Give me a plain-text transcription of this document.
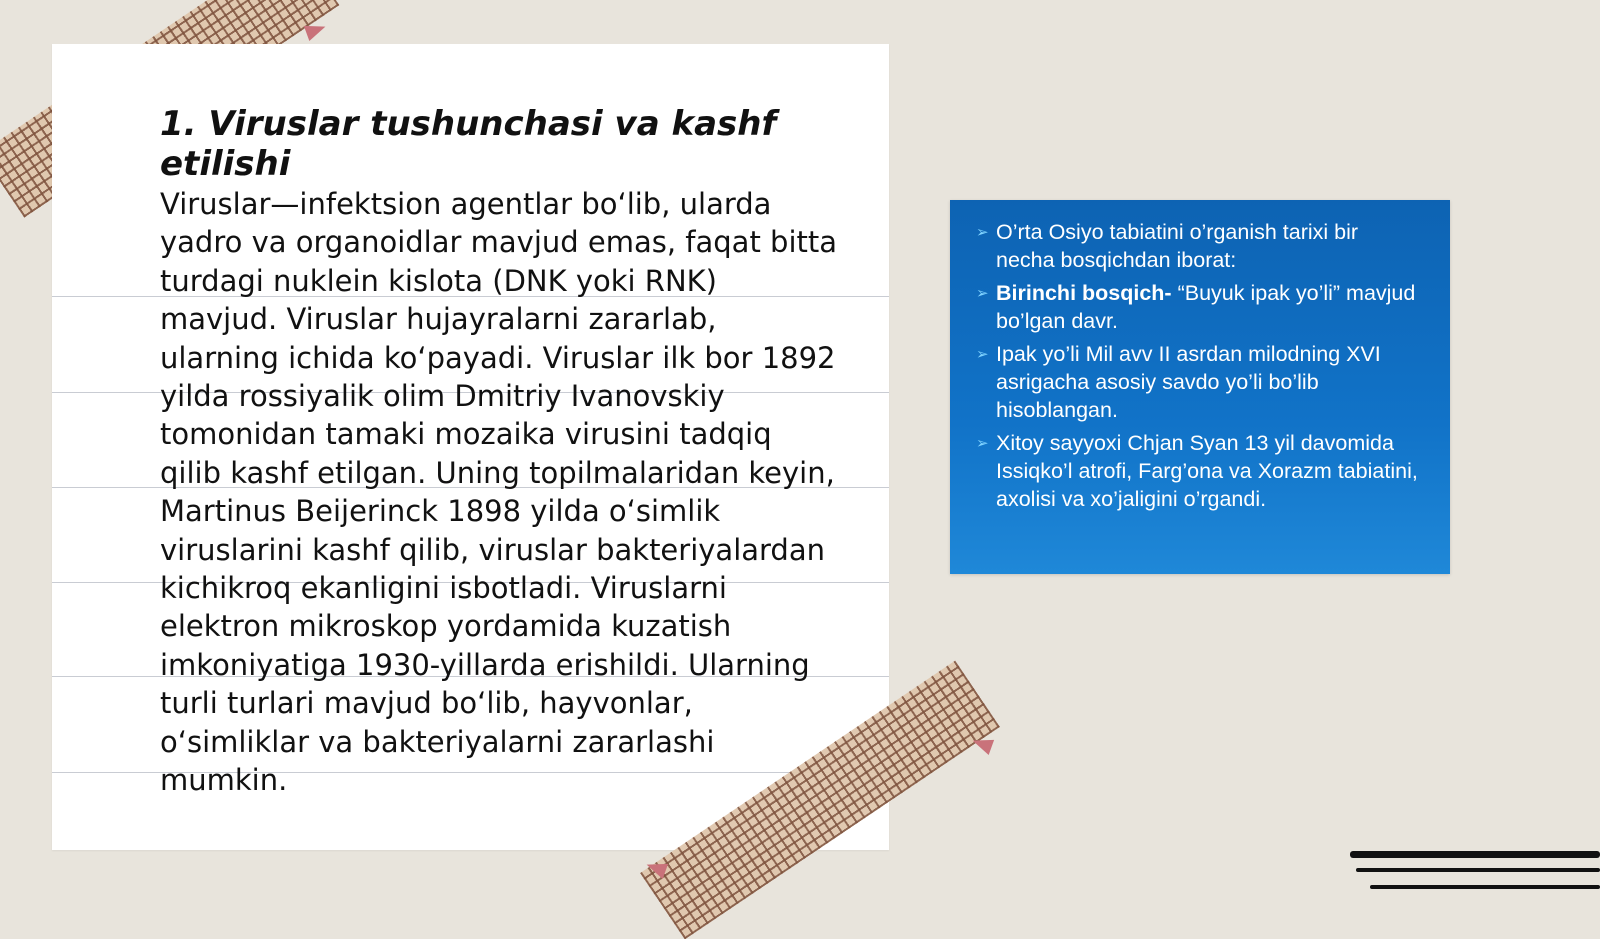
1. Viruslar tushunchasi va kashf etilishi

Viruslar—infektsion agentlar bo‘lib, ularda yadro va organoidlar mavjud emas, faqat bitta turdagi nuklein kislota (DNK yoki RNK) mavjud. Viruslar hujayralarni zararlab, ularning ichida ko‘payadi. Viruslar ilk bor 1892 yilda rossiyalik olim Dmitriy Ivanovskiy tomonidan tamaki mozaika virusini tadqiq qilib kashf etilgan. Uning topilmalaridan keyin, Martinus Beijerinck 1898 yilda o‘simlik viruslarini kashf qilib, viruslar bakteriyalardan kichikroq ekanligini isbotladi. Viruslarni elektron mikroskop yordamida kuzatish imkoniyatiga 1930-yillarda erishildi. Ularning turli turlari mavjud bo‘lib, hayvonlar, o‘simliklar va bakteriyalarni zararlashi mumkin.

➢ O’rta Osiyo tabiatini o’rganish tarixi bir necha bosqichdan iborat:
➢ Birinchi bosqich- “Buyuk ipak yo’li” mavjud bo’lgan davr.
➢ Ipak yo’li Mil avv II asrdan milodning XVI asrigacha asosiy savdo yo’li bo’lib hisoblangan.
➢ Xitoy sayyoxi Chjan Syan 13 yil davomida Issiqko’l atrofi, Farg’ona va Xorazm tabiatini, axolisi va xo’jaligini o’rgandi.
